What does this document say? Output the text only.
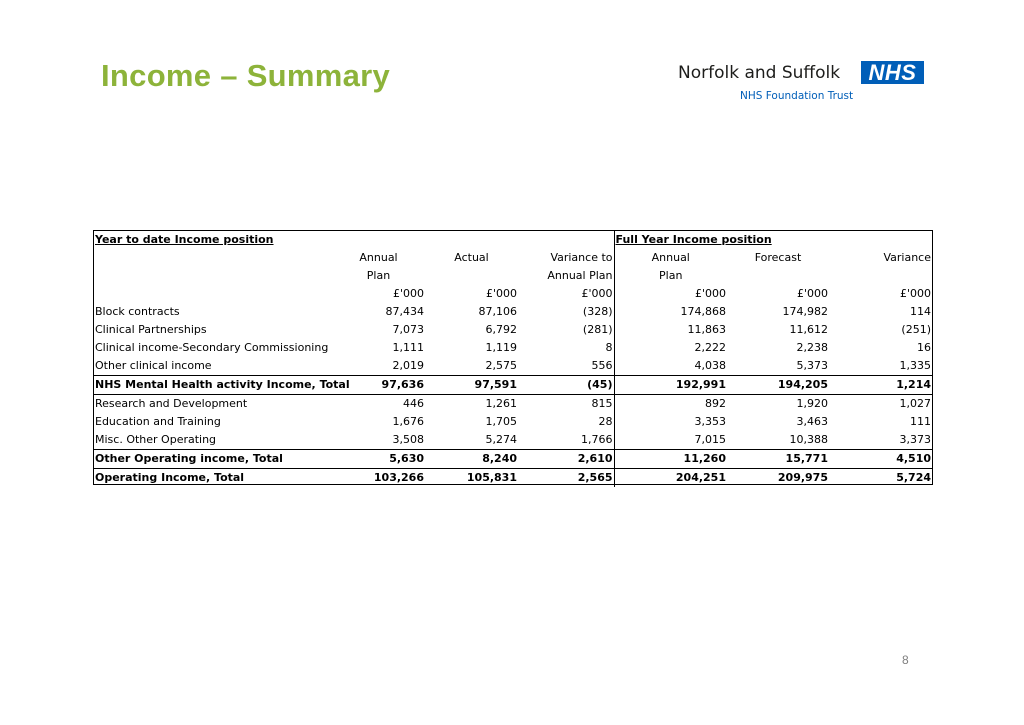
Income – Summary	Norfolk and Suffolk	NHS
NHS Foundation Trust
Year to date Income position				Full Year Income position		
	Annual	Actual	Variance to	Annual	Forecast	Variance
	Plan		Annual Plan	Plan		
	£'000	£'000	£'000	£'000	£'000	£'000
Block contracts	87,434	87,106	(328)	174,868	174,982	114
Clinical Partnerships	7,073	6,792	(281)	11,863	11,612	(251)
Clinical income-Secondary Commissioning	1,111	1,119	8	2,222	2,238	16
Other clinical income	2,019	2,575	556	4,038	5,373	1,335
NHS Mental Health activity Income, Total	97,636	97,591	(45)	192,991	194,205	1,214
Research and Development	446	1,261	815	892	1,920	1,027
Education and Training	1,676	1,705	28	3,353	3,463	111
Misc. Other Operating	3,508	5,274	1,766	7,015	10,388	3,373
Other Operating income, Total	5,630	8,240	2,610	11,260	15,771	4,510
Operating Income, Total	103,266	105,831	2,565	204,251	209,975	5,724
8
